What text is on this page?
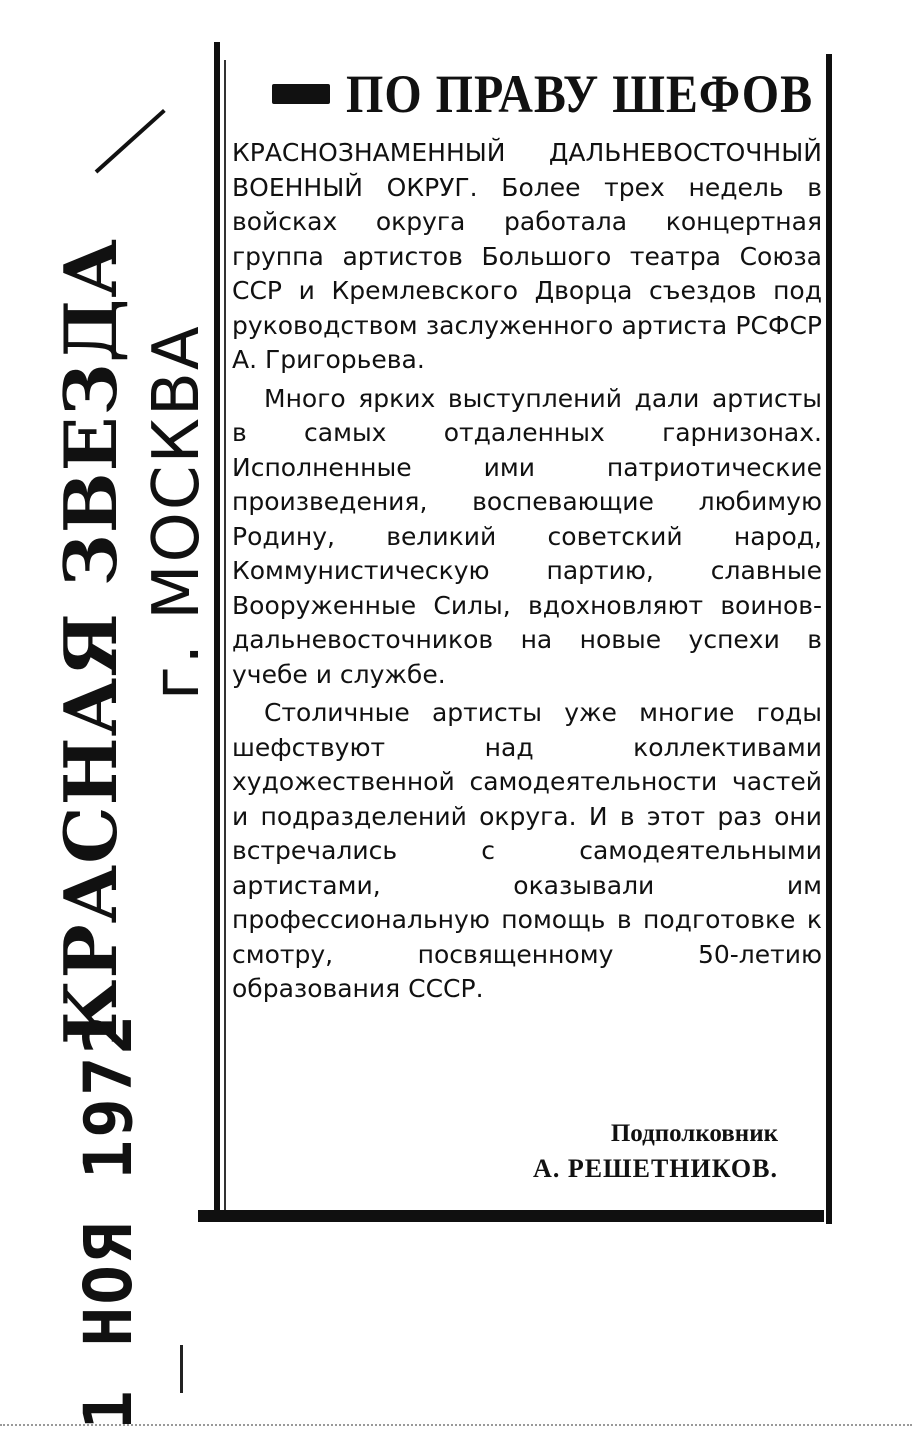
КРАСНАЯ ЗВЕЗДА г. МОСКВА
1 НОЯ 1972
ПО ПРАВУ ШЕФОВ

КРАСНОЗНАМЕННЫЙ ДАЛЬНЕВОСТОЧНЫЙ ВОЕННЫЙ ОКРУГ. Более трех недель в войсках округа работала концертная группа артистов Большого театра Союза ССР и Кремлевского Дворца съездов под руководством заслуженного артиста РСФСР А. Григорьева.

Много ярких выступлений дали артисты в самых отдаленных гарнизонах. Исполненные ими патриотические произведения, воспевающие любимую Родину, великий советский народ, Коммунистическую партию, славные Вооруженные Силы, вдохновляют воинов-дальневосточников на новые успехи в учебе и службе.

Столичные артисты уже многие годы шефствуют над коллективами художественной самодеятельности частей и подразделений округа. И в этот раз они встречались с самодеятельными артистами, оказывали им профессиональную помощь в подготовке к смотру, посвященному 50-летию образования СССР.

Подполковник
А. РЕШЕТНИКОВ.
